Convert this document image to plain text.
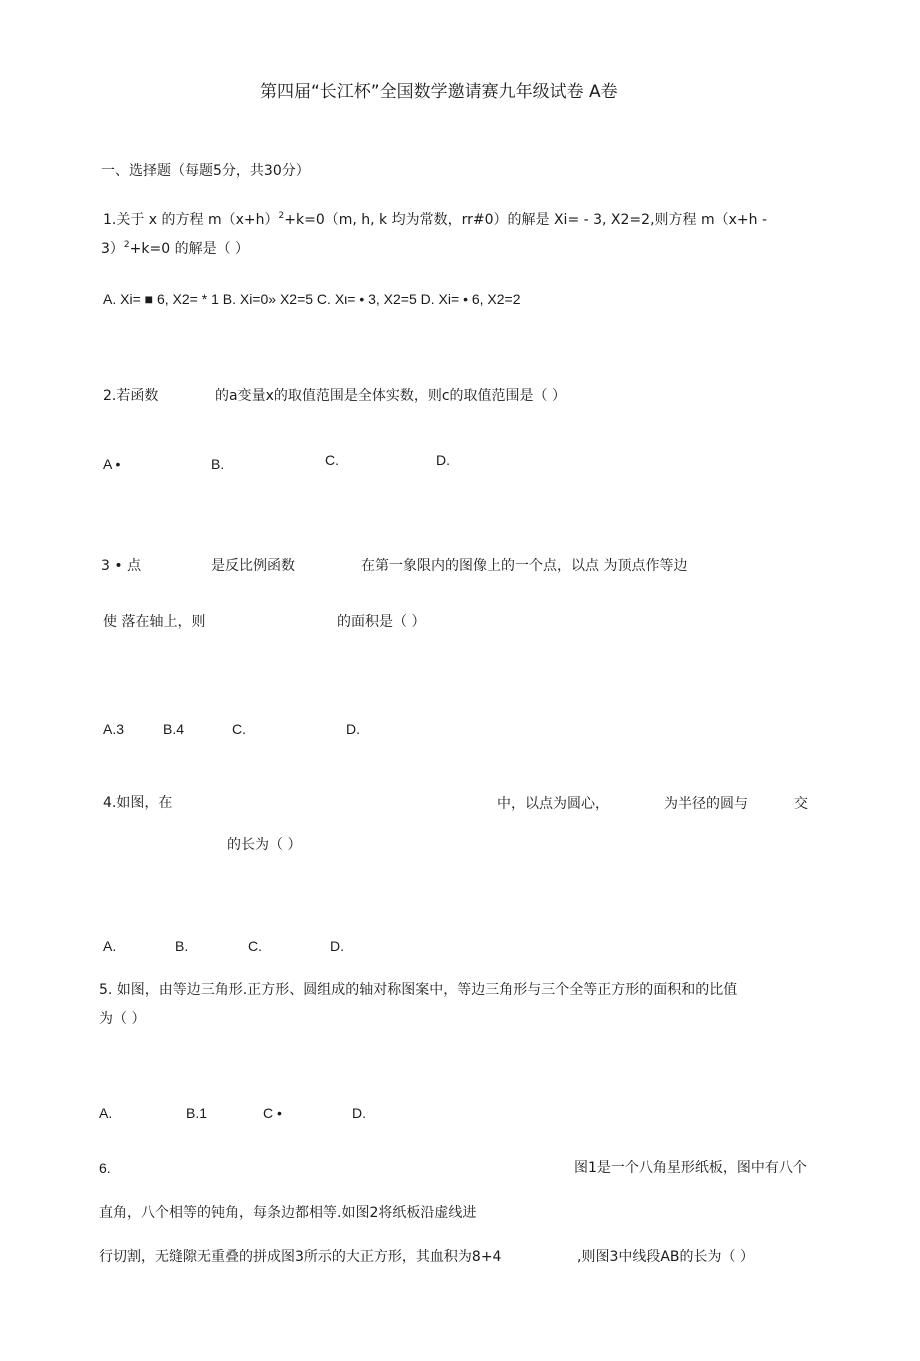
第四届“长江杯”全国数学邀请赛九年级试卷 A卷
一、选择题（每题5分，共30分）
1.关于 x 的方程 $m(x+h)^2+k=0(m$, h, k 均为常数，rr#0）的解是 Xi= - 3, X2=2,则方程 m（x+h -
3）$^2$+k=0 的解是（ ）
A. Xi= ■ 6, X2= * 1 B. Xi=0» X2=5 C. Xι= • 3, X2=5 D. Xi= • 6, X2=2
2.若函数	的a变量x的取值范围是全体实数，则c的取值范围是（ ）
A •	B.	C.	D.
3 • 点	是反比例函数	在第一象限内的图像上的一个点，以点 为顶点作等边
使 落在轴上，则	的面积是（ ）
A.3	B.4	C.	D.
4.如图，在	中，以点为圆心，	为半径的圆与	交
的长为（ ）
A.	B.	C.	D.
5. 如图，由等边三角形.正方形、圆组成的轴对称图案中，等边三角形与三个全等正方形的面积和的比值
为（ ）
A.	B.1	C •	D.
6.	图1是一个八角星形纸板，图中有八个
直角，八个相等的钝角，每条边都相等.如图2将纸板沿虚线进
行切割，无缝隙无重叠的拼成图3所示的大正方形，其血积为8+4	,则图3中线段AB的长为（ ）
